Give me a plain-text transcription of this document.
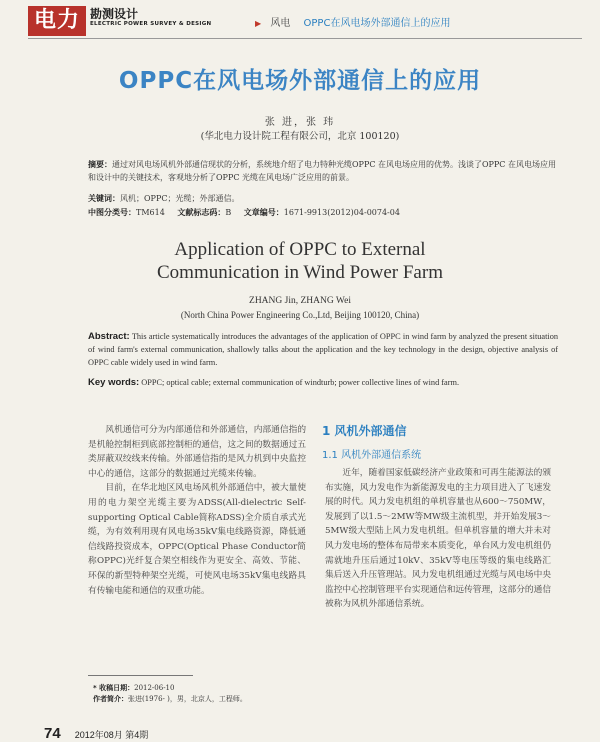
电力 勘测设计
ELECTRIC POWER SURVEY & DESIGN	▶ 风电 OPPC在风电场外部通信上的应用
OPPC在风电场外部通信上的应用
张 进，张 玮
(华北电力设计院工程有限公司，北京 100120)
摘要：通过对风电场风机外部通信现状的分析，系统地介绍了电力特种光缆OPPC 在风电场应用的优势。浅谈了OPPC 在风电场应用和设计中的关键技术，客观地分析了OPPC 光缆在风电场广泛应用的前景。
关键词：风机；OPPC；光缆；外部通信。
中图分类号：TM614 文献标志码：B 文章编号：1671-9913(2012)04-0074-04
Application of OPPC to External
Communication in Wind Power Farm
ZHANG Jin, ZHANG Wei
(North China Power Engineering Co.,Ltd, Beijing 100120, China)
Abstract: This article systematically introduces the advantages of the application of OPPC in wind farm by analyzed the present situation of wind farm's external communication, shallowly talks about the application and the key technology in the design, objective analysis of OPPC cable widely used in wind farm.
Key words: OPPC; optical cable; external communication of windturb; power collective lines of wind farm.

风机通信可分为内部通信和外部通信，内部通信指的是机舱控制柜到底部控制柜的通信，这之间的数据通过五类屏蔽双绞线来传输。外部通信指的是风力机到中央监控中心的通信，这部分的数据通过光缆来传输。

目前，在华北地区风电场风机外部通信中，被大量使用的电力架空光缆主要为ADSS(All-dielectric Self-supporting Optical Cable简称ADSS)全介质自承式光缆，为有效利用现有风电场35kV集电线路资源，降低通信线路投资成本，OPPC(Optical Phase Conductor简称OPPC)光纤复合架空相线作为更安全、高效、节能、环保的新型特种架空光缆，可使风电场35kV集电线路具有传输电能和通信的双重功能。

1 风机外部通信
1.1 风机外部通信系统

近年，随着国家低碳经济产业政策和可再生能源法的颁布实施，风力发电作为新能源发电的主力项目进入了飞速发展的时代。风力发电机组的单机容量也从600～750MW，发展到了以1.5～2MW等MW级主流机型，并开始发展3～5MW级大型陆上风力发电机组。但单机容量的增大并未对风力发电场的整体布局带来本质变化，单台风力发电机组仍需就地升压后通过10kV、35kV等电压等级的集电线路汇集后送入升压管理站。风力发电机组通过光缆与风电场中央监控中心控制管理平台实现通信和远传管理，这部分的通信被称为风机外部通信系统。

* 收稿日期：2012-06-10
作者简介：张进(1976- )，男，北京人，工程师。
74 2012年08月 第4期
